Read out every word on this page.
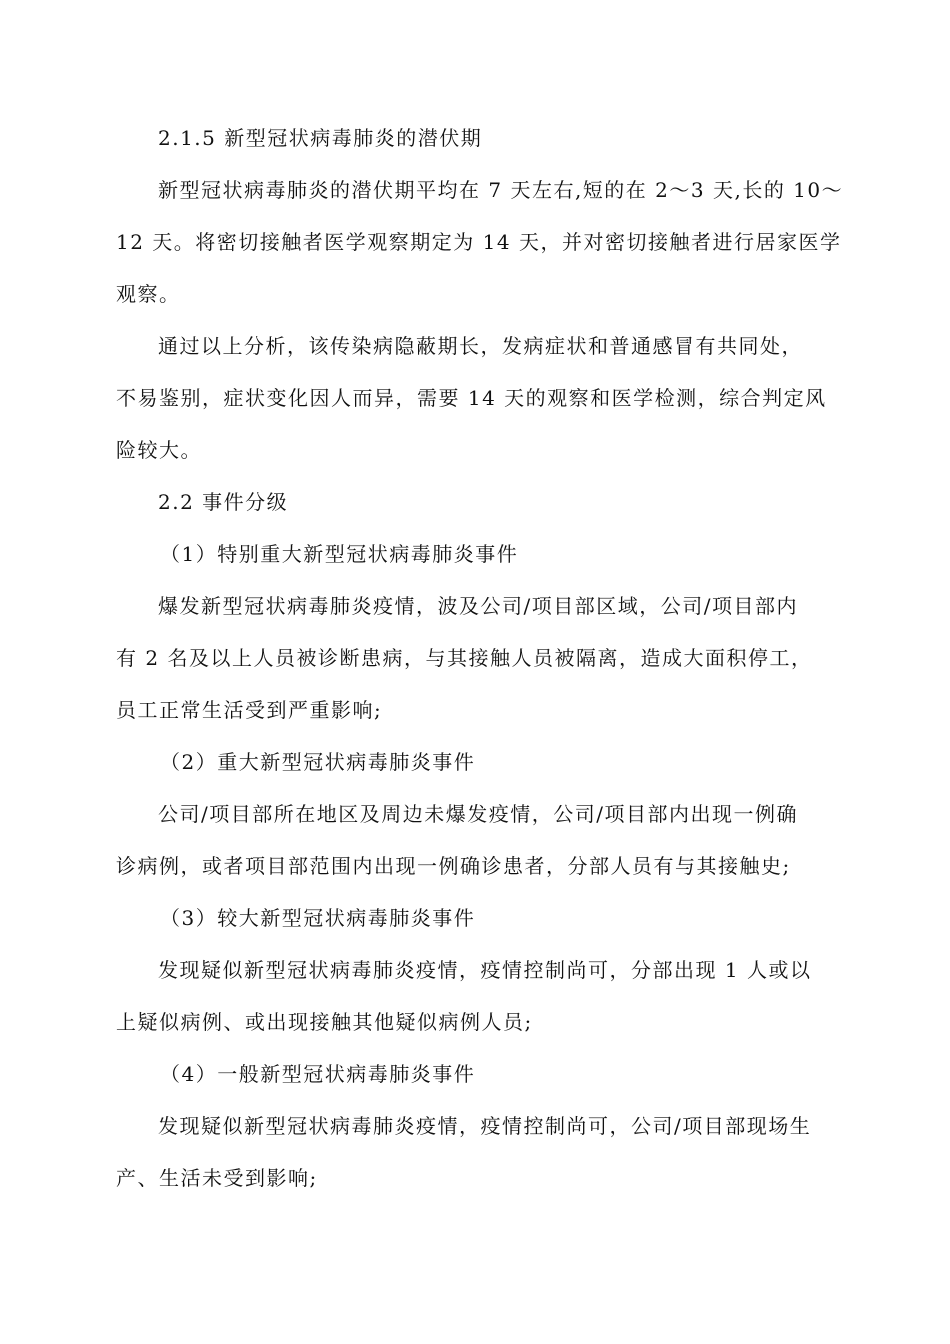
2.1.5 新型冠状病毒肺炎的潜伏期

新型冠状病毒肺炎的潜伏期平均在 7 天左右,短的在 2～3 天,长的 10～

12 天。将密切接触者医学观察期定为 14 天，并对密切接触者进行居家医学

观察。

通过以上分析，该传染病隐蔽期长，发病症状和普通感冒有共同处，

不易鉴别，症状变化因人而异，需要 14 天的观察和医学检测，综合判定风

险较大。

2.2 事件分级

（1）特别重大新型冠状病毒肺炎事件

爆发新型冠状病毒肺炎疫情，波及公司/项目部区域，公司/项目部内

有 2 名及以上人员被诊断患病，与其接触人员被隔离，造成大面积停工，

员工正常生活受到严重影响;

（2）重大新型冠状病毒肺炎事件

公司/项目部所在地区及周边未爆发疫情，公司/项目部内出现一例确

诊病例，或者项目部范围内出现一例确诊患者，分部人员有与其接触史;

（3）较大新型冠状病毒肺炎事件

发现疑似新型冠状病毒肺炎疫情，疫情控制尚可，分部出现 1 人或以

上疑似病例、或出现接触其他疑似病例人员;

（4）一般新型冠状病毒肺炎事件

发现疑似新型冠状病毒肺炎疫情，疫情控制尚可，公司/项目部现场生

产、生活未受到影响;
